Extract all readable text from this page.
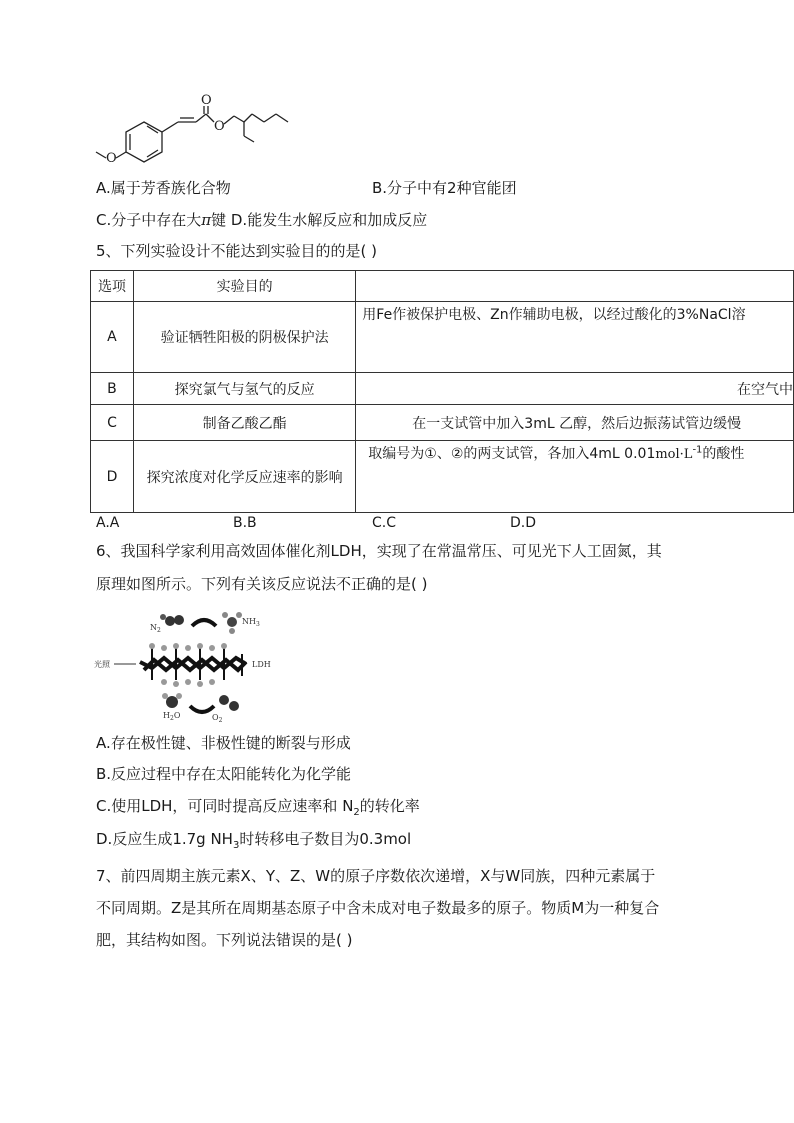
O
O
O
A.属于芳香族化合物	B.分子中有2种官能团
C.分子中存在大π键 D.能发生水解反应和加成反应
5、下列实验设计不能达到实验目的的是( )
选项	实验目的	
A	验证牺牲阳极的阴极保护法	用Fe作被保护电极、Zn作辅助电极，以经过酸化的3%NaCl溶
B	探究氯气与氢气的反应	在空气中
C	制备乙酸乙酯	在一支试管中加入3mL 乙醇，然后边振荡试管边缓慢
D	探究浓度对化学反应速率的影响	取编号为①、②的两支试管，各加入4mL $0.01mol\cdot L^{-1}$的酸性
A.A	B.B	C.C	D.D
6、我国科学家利用高效固体催化剂LDH，实现了在常温常压、可见光下人工固氮，其
原理如图所示。下列有关该反应说法不正确的是( )
$N_2$
$NH_3$
光照	LDH
$H_2O$	$O_2$
A.存在极性键、非极性键的断裂与形成
B.反应过程中存在太阳能转化为化学能
C.使用LDH，可同时提高反应速率和 $N_2$的转化率
D.反应生成1.7g $NH_3$时转移电子数目为0.3mol
7、前四周期主族元素X、Y、Z、W的原子序数依次递增，X与W同族，四种元素属于
不同周期。Z是其所在周期基态原子中含未成对电子数最多的原子。物质M为一种复合
肥，其结构如图。下列说法错误的是( )
